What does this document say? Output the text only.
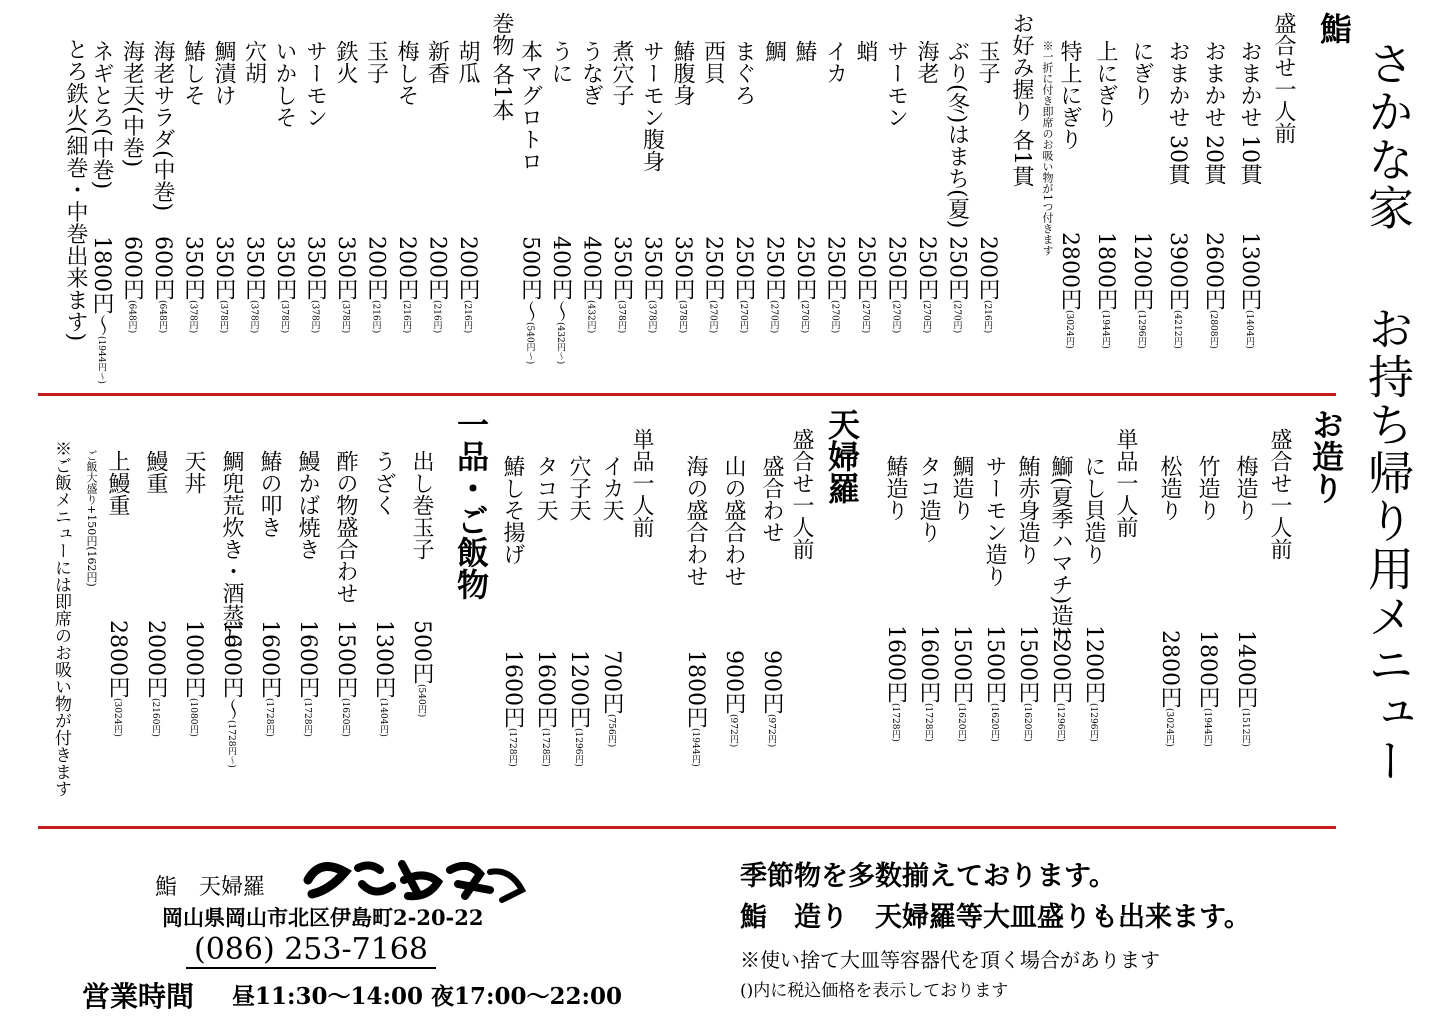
さかな家
お持ち帰り用メニュー
鮨
盛合せ一人前
おまかせ 10貫
1300円(1404円)
おまかせ 20貫
2600円(2808円)
おまかせ 30貫
3900円(4212円)
にぎり
1200円(1296円)
上にぎり
1800円(1944円)
特上にぎり
2800円(3024円)
※一折に付き即席のお吸い物が1つ付きます
お好み握り 各1貫
玉子
200円(216円)
ぶり(冬)はまち(夏)
250円(270円)
海老
250円(270円)
サーモン
250円(270円)
蛸
250円(270円)
イカ
250円(270円)
鰆
250円(270円)
鯛
250円(270円)
まぐろ
250円(270円)
西貝
250円(270円)
鰆腹身
350円(378円)
サーモン腹身
350円(378円)
煮穴子
350円(378円)
うなぎ
400円(432円)
うに
400円～(432円～)
本マグロトロ
500円～(540円～)
巻物 各1本
胡瓜
200円(216円)
新香
200円(216円)
梅しそ
200円(216円)
玉子
200円(216円)
鉄火
350円(378円)
サーモン
350円(378円)
いかしそ
350円(378円)
穴胡
350円(378円)
鯛漬け
350円(378円)
鰆しそ
350円(378円)
海老サラダ(中巻)
600円(648円)
海老天(中巻)
600円(648円)
ネギとろ(中巻)
1800円～(1944円～)
とろ鉄火(細巻・中巻出来ます)
お造り
盛合せ一人前
梅造り
1400円(1512円)
竹造り
1800円(1944円)
松造り
2800円(3024円)
単品一人前
にし貝造り
1200円(1296円)
鰤(夏季ハマチ)造り
1200円(1296円)
鮪赤身造り
1500円(1620円)
サーモン造り
1500円(1620円)
鯛造り
1500円(1620円)
タコ造り
1600円(1728円)
鰆造り
1600円(1728円)
天婦羅
盛合せ一人前
盛合わせ
900円(972円)
山の盛合わせ
900円(972円)
海の盛合わせ
1800円(1944円)
単品一人前
イカ天
700円(756円)
穴子天
1200円(1296円)
タコ天
1600円(1728円)
鰆しそ揚げ
1600円(1728円)
一品・ご飯物
出し巻玉子
500円(540円)
うざく
1300円(1404円)
酢の物盛合わせ
1500円(1620円)
鰻かば焼き
1600円(1728円)
鰆の叩き
1600円(1728円)
鯛兜荒炊き・酒蒸し
1600円～(1728円～)
天丼
1000円(1080円)
鰻重
2000円(2160円)
上鰻重
2800円(3024円)
ご飯大盛り+150円(162円)
※ご飯メニューには即席のお吸い物が付きます
鮨　天婦羅
岡山県岡山市北区伊島町2-20-22
(086) 253-7168
営業時間 昼11:30～14:00 夜17:00～22:00
季節物を多数揃えております。
鮨　造り　天婦羅等大皿盛りも出来ます。
※使い捨て大皿等容器代を頂く場合があります
()内に税込価格を表示しております
